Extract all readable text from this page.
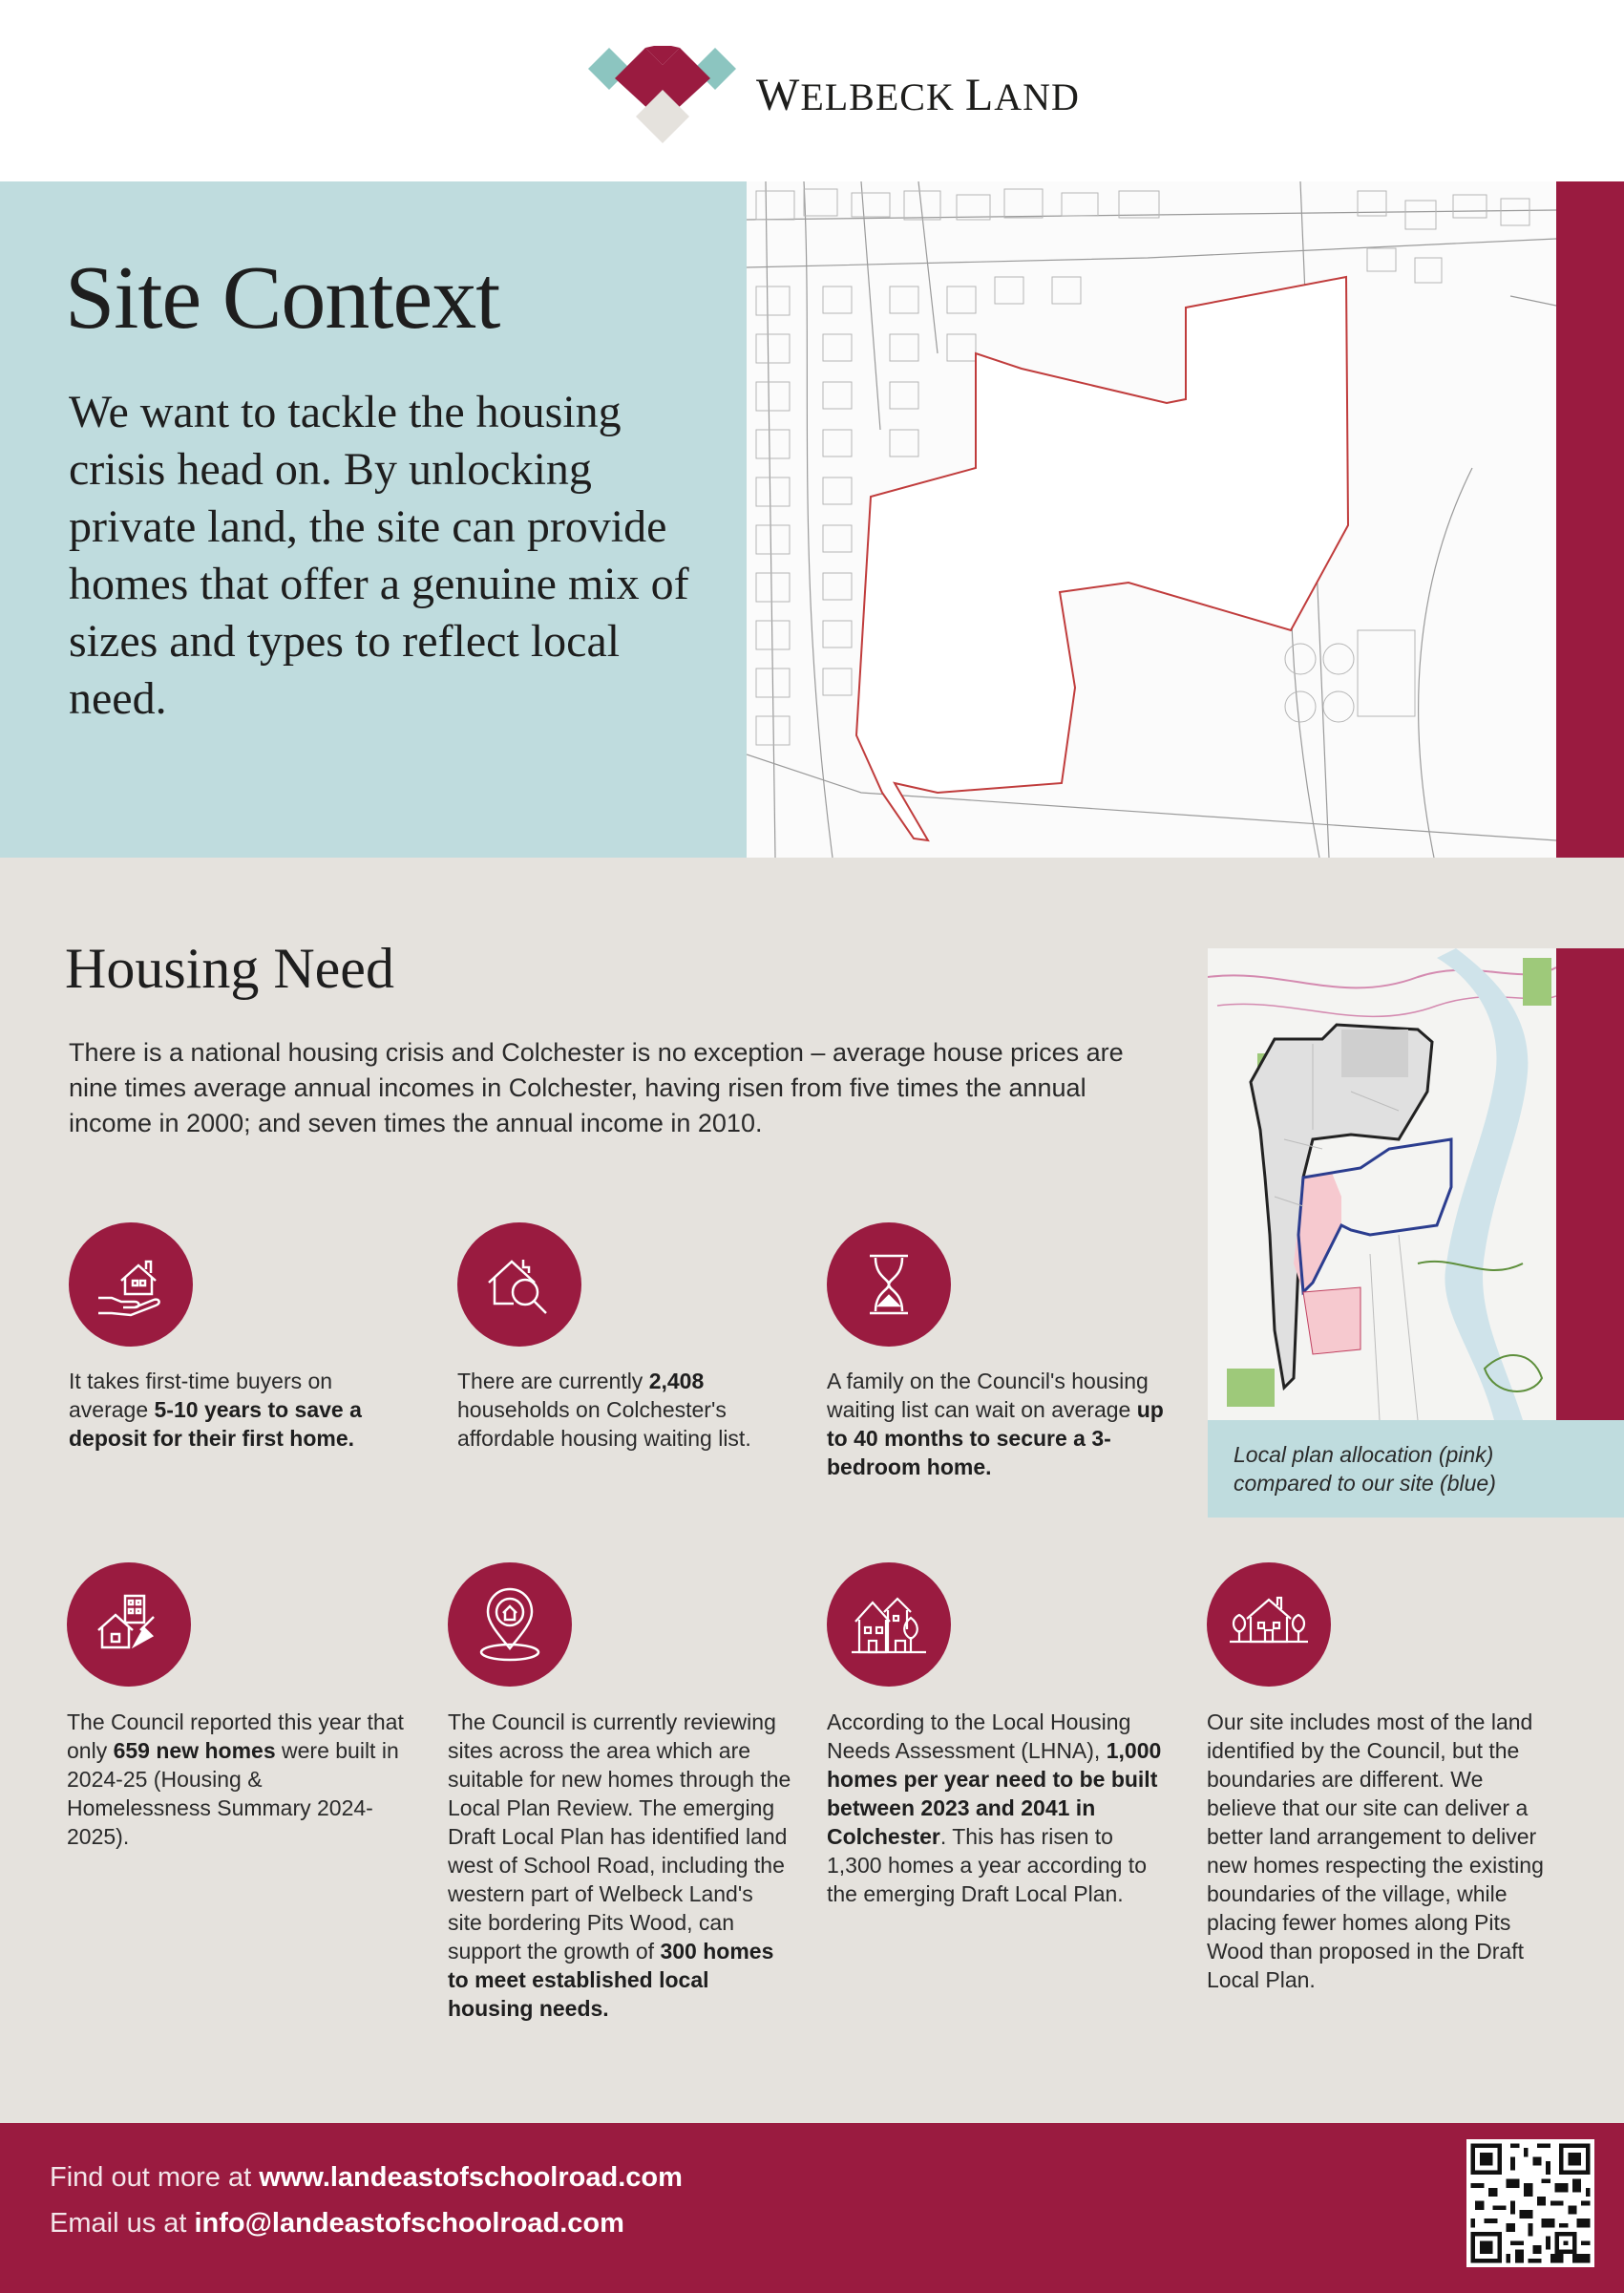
WELBECK LAND
Site Context
We want to tackle the housing crisis head on. By unlocking private land, the site can provide homes that offer a genuine mix of sizes and types to reflect local need.
Housing Need
There is a national housing crisis and Colchester is no exception – average house prices are nine times average annual incomes in Colchester, having risen from five times the annual income in 2000; and seven times the annual income in 2010.
It takes first-time buyers on average 5-10 years to save a deposit for their first home.
There are currently 2,408 households on Colchester's affordable housing waiting list.
A family on the Council's housing waiting list can wait on average up to 40 months to secure a 3-bedroom home.	Local plan allocation (pink) compared to our site (blue)
The Council reported this year that only 659 new homes were built in 2024-25 (Housing & Homelessness Summary 2024-2025).
The Council is currently reviewing sites across the area which are suitable for new homes through the Local Plan Review. The emerging Draft Local Plan has identified land west of School Road, including the western part of Welbeck Land's site bordering Pits Wood, can support the growth of 300 homes to meet established local housing needs.
According to the Local Housing Needs Assessment (LHNA), 1,000 homes per year need to be built between 2023 and 2041 in Colchester. This has risen to 1,300 homes a year according to the emerging Draft Local Plan.
Our site includes most of the land identified by the Council, but the boundaries are different. We believe that our site can deliver a better land arrangement to deliver new homes respecting the existing boundaries of the village, while placing fewer homes along Pits Wood than proposed in the Draft Local Plan.
Find out more at www.landeastofschoolroad.com
Email us at info@landeastofschoolroad.com
